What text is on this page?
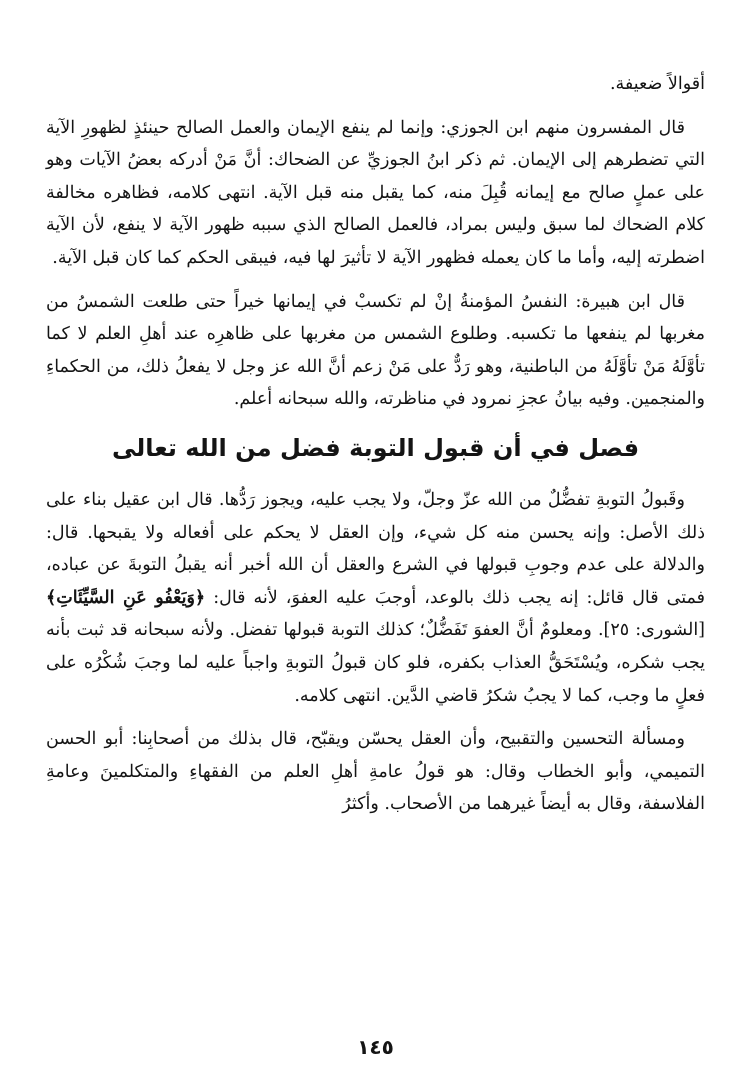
أقوالاً ضعيفة.

قال المفسرون منهم ابن الجوزي: وإنما لم ينفع الإيمان والعمل الصالح حينئذٍ لظهورِ الآية التي تضطرهم إلى الإيمان. ثم ذكر ابنُ الجوزيِّ عن الضحاك: أنَّ مَنْ أدركه بعضُ الآيات وهو على عملٍ صالح مع إيمانه قُبِلَ منه، كما يقبل منه قبل الآية. انتهى كلامه، فظاهره مخالفة كلام الضحاك لما سبق وليس بمراد، فالعمل الصالح الذي سببه ظهور الآية لا ينفع، لأن الآية اضطرته إليه، وأما ما كان يعمله فظهور الآية لا تأثيرَ لها فيه، فيبقى الحكم كما كان قبل الآية.

قال ابن هبيرة: النفسُ المؤمنةُ إنْ لم تكسبْ في إيمانها خيراً حتى طلعت الشمسُ من مغربها لم ينفعها ما تكسبه. وطلوع الشمس من مغربها على ظاهرِه عند أهلِ العلم لا كما تأوَّلَهُ مَنْ تأوَّلَهُ من الباطنية، وهو رَدٌّ على مَنْ زعم أنَّ الله عز وجل لا يفعلُ ذلك، من الحكماءِ والمنجمين. وفيه بيانُ عجزِ نمرود في مناظرته، والله سبحانه أعلم.

فصل في أن قبول التوبة فضل من الله تعالى

وقَبولُ التوبةِ تفضُّلٌ من الله عزّ وجلّ، ولا يجب عليه، ويجوز رَدُّها. قال ابن عقيل بناء على ذلك الأصل: وإنه يحسن منه كل شيء، وإن العقل لا يحكم على أفعاله ولا يقبحها. قال: والدلالة على عدم وجوبِ قبولها في الشرع والعقل أن الله أخبر أنه يقبلُ التوبةَ عن عباده، فمتى قال قائل: إنه يجب ذلك بالوعد، أوجبَ عليه العفوَ، لأنه قال: ﴿وَيَعْفُو عَنِ السَّيِّئَاتِ﴾ [الشورى: ٢٥]. ومعلومٌ أنَّ العفوَ تَفَضُّلٌ؛ كذلك التوبة قبولها تفضل. ولأنه سبحانه قد ثبت بأنه يجب شكره، ويُسْتَحَقُّ العذاب بكفره، فلو كان قبولُ التوبةِ واجباً عليه لما وجبَ شُكْرُه على فعلٍ ما وجب، كما لا يجبُ شكرُ قاضي الدَّين. انتهى كلامه.

ومسألة التحسين والتقبيح، وأن العقل يحسّن ويقبّح، قال بذلك من أصحابِنا: أبو الحسن التميمي، وأبو الخطاب وقال: هو قولُ عامةِ أهلِ العلم من الفقهاءِ والمتكلمينَ وعامةِ الفلاسفة، وقال به أيضاً غيرهما من الأصحاب. وأكثرُ

١٤٥
